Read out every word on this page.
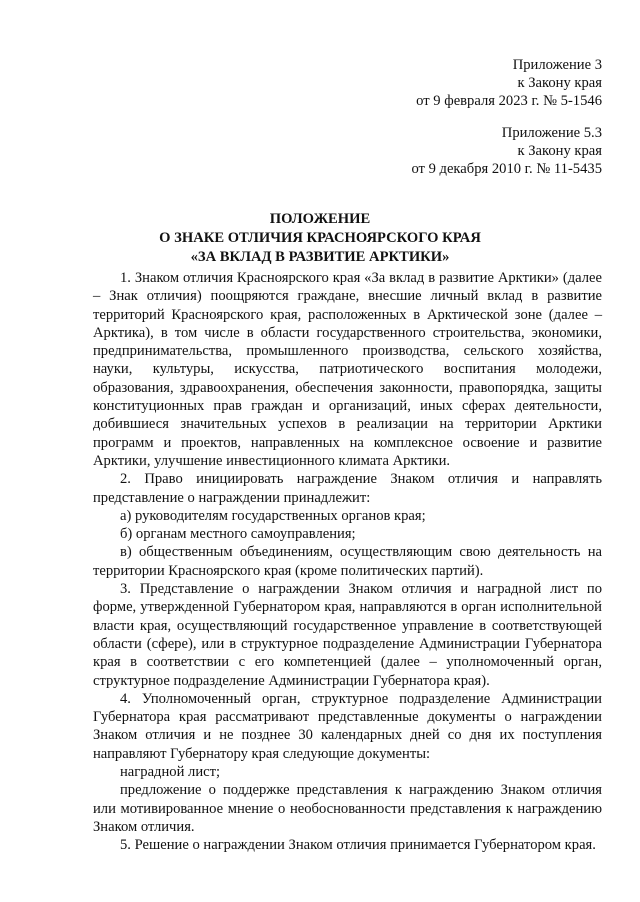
Приложение 3
к Закону края
от 9 февраля 2023 г. № 5-1546
Приложение 5.3
к Закону края
от 9 декабря 2010 г. № 11-5435
ПОЛОЖЕНИЕ
О ЗНАКЕ ОТЛИЧИЯ КРАСНОЯРСКОГО КРАЯ
«ЗА ВКЛАД В РАЗВИТИЕ АРКТИКИ»

1. Знаком отличия Красноярского края «За вклад в развитие Арктики» (далее – Знак отличия) поощряются граждане, внесшие личный вклад в развитие территорий Красноярского края, расположенных в Арктической зоне (далее – Арктика), в том числе в области государственного строительства, экономики, предпринимательства, промышленного производства, сельского хозяйства, науки, культуры, искусства, патриотического воспитания молодежи, образования, здравоохранения, обеспечения законности, правопорядка, защиты конституционных прав граждан и организаций, иных сферах деятельности, добившиеся значительных успехов в реализации на территории Арктики программ и проектов, направленных на комплексное освоение и развитие Арктики, улучшение инвестиционного климата Арктики.

2. Право инициировать награждение Знаком отличия и направлять представление о награждении принадлежит:

а) руководителям государственных органов края;

б) органам местного самоуправления;

в) общественным объединениям, осуществляющим свою деятельность на территории Красноярского края (кроме политических партий).

3. Представление о награждении Знаком отличия и наградной лист по форме, утвержденной Губернатором края, направляются в орган исполнительной власти края, осуществляющий государственное управление в соответствующей области (сфере), или в структурное подразделение Администрации Губернатора края в соответствии с его компетенцией (далее – уполномоченный орган, структурное подразделение Администрации Губернатора края).

4. Уполномоченный орган, структурное подразделение Администрации Губернатора края рассматривают представленные документы о награждении Знаком отличия и не позднее 30 календарных дней со дня их поступления направляют Губернатору края следующие документы:

наградной лист;

предложение о поддержке представления к награждению Знаком отличия или мотивированное мнение о необоснованности представления к награждению Знаком отличия.

5. Решение о награждении Знаком отличия принимается Губернатором края.
